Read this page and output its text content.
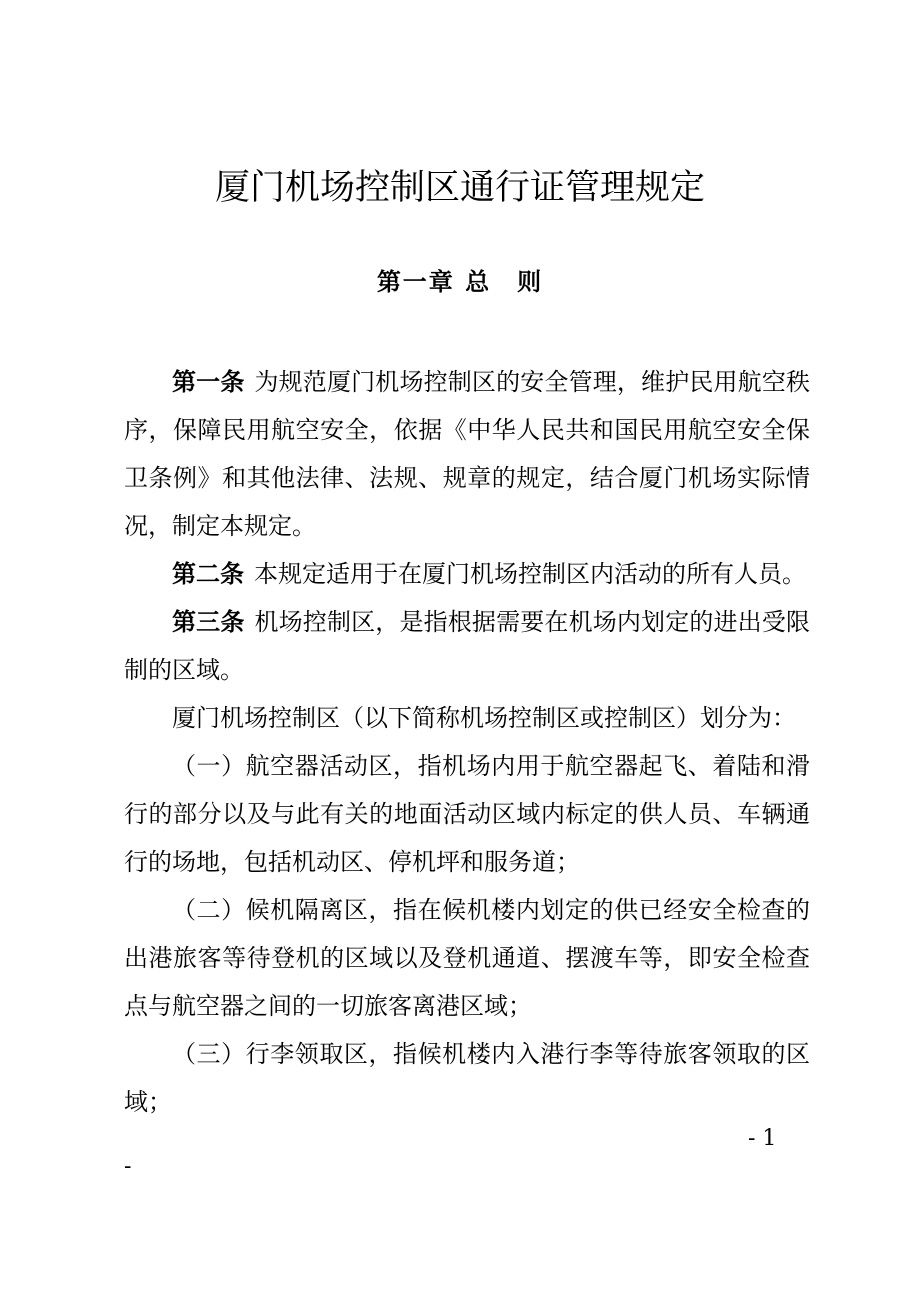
厦门机场控制区通行证管理规定
第一章 总　则

第一条 为规范厦门机场控制区的安全管理，维护民用航空秩序，保障民用航空安全，依据《中华人民共和国民用航空安全保卫条例》和其他法律、法规、规章的规定，结合厦门机场实际情况，制定本规定。

第二条 本规定适用于在厦门机场控制区内活动的所有人员。

第三条 机场控制区，是指根据需要在机场内划定的进出受限制的区域。

厦门机场控制区（以下简称机场控制区或控制区）划分为：

（一）航空器活动区，指机场内用于航空器起飞、着陆和滑行的部分以及与此有关的地面活动区域内标定的供人员、车辆通行的场地，包括机动区、停机坪和服务道；

（二）候机隔离区，指在候机楼内划定的供已经安全检查的出港旅客等待登机的区域以及登机通道、摆渡车等，即安全检查点与航空器之间的一切旅客离港区域；

（三）行李领取区，指候机楼内入港行李等待旅客领取的区域；

- 1
-
